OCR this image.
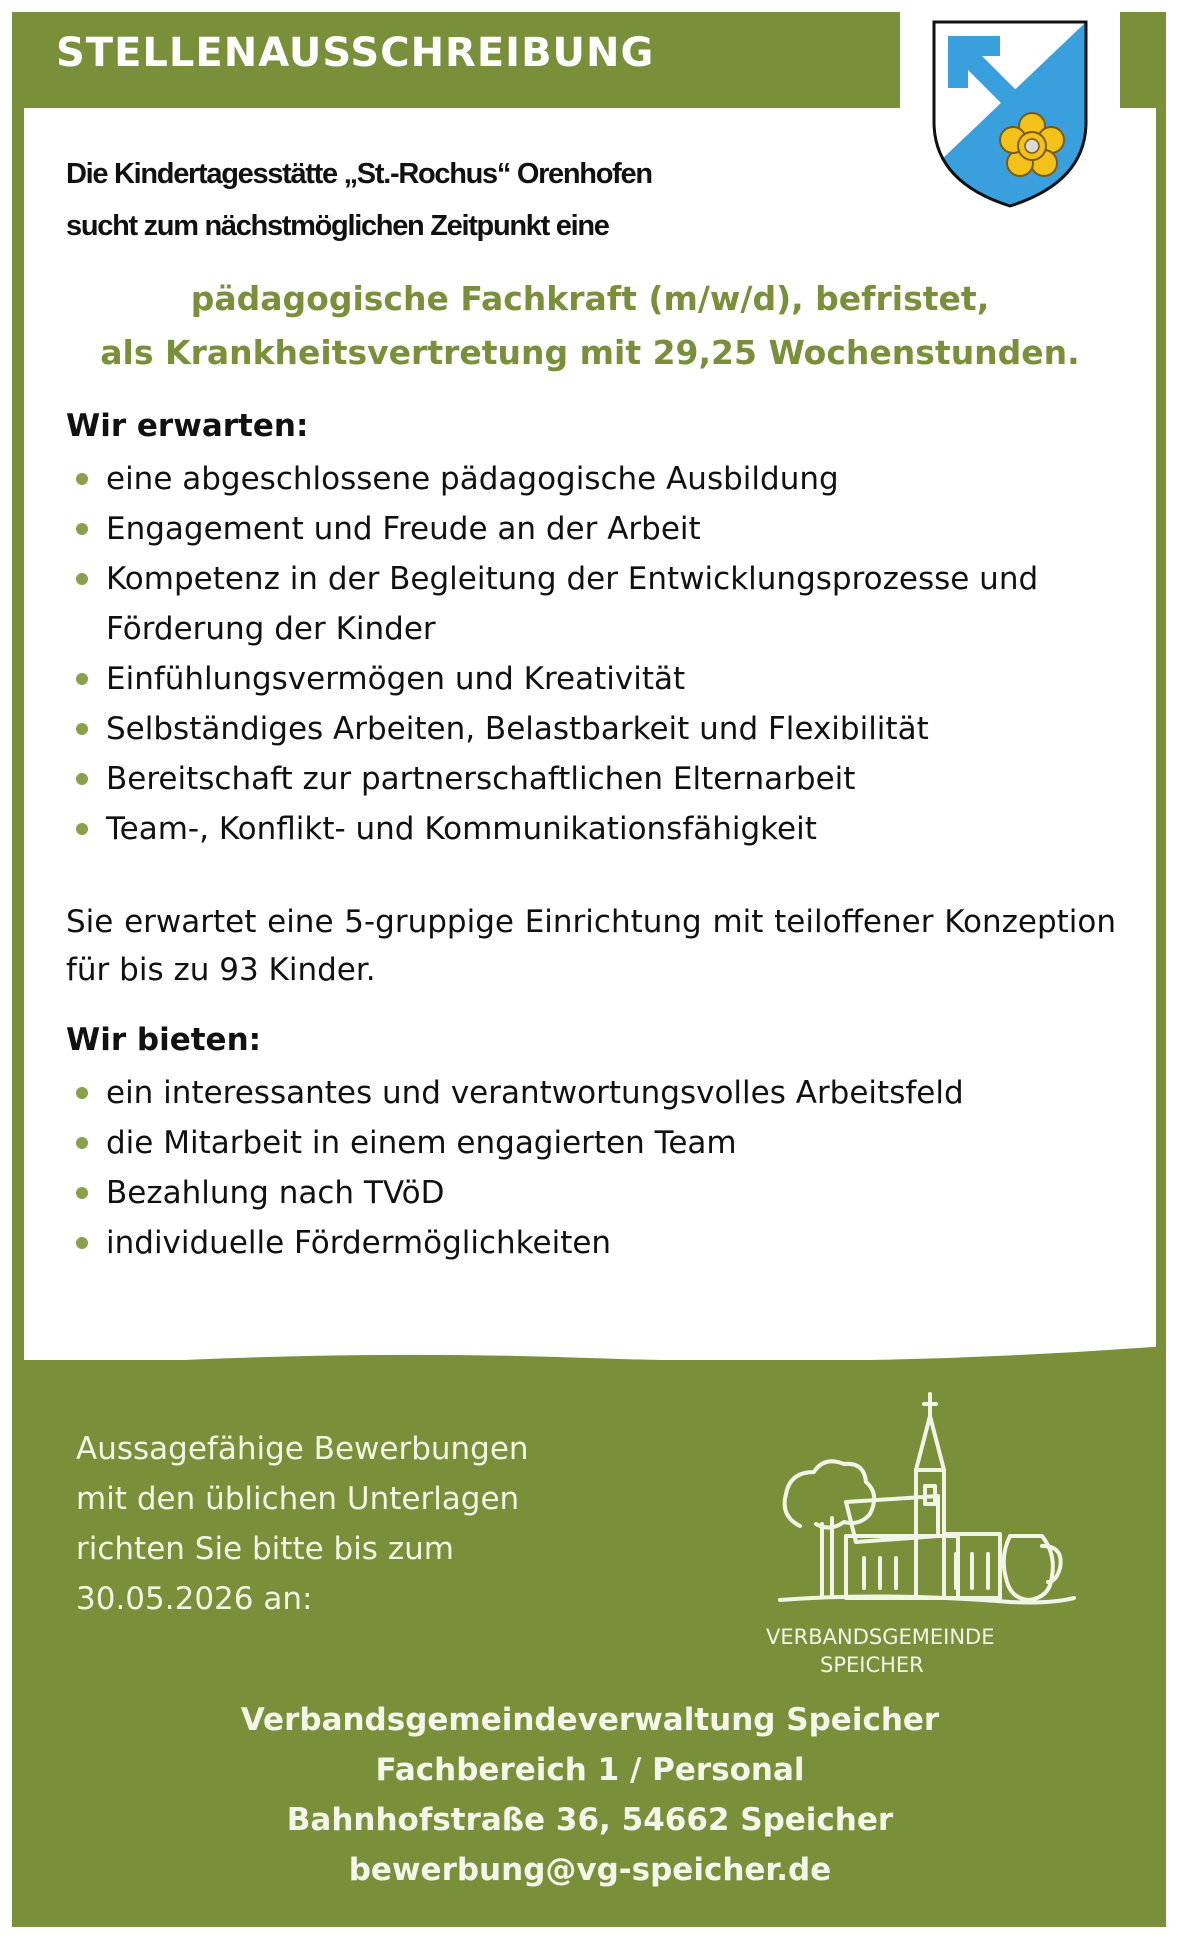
STELLENAUSSCHREIBUNG
Die Kindertagesstätte „St.-Rochus“ Orenhofen
sucht zum nächstmöglichen Zeitpunkt eine
pädagogische Fachkraft (m/w/d), befristet,
als Krankheitsvertretung mit 29,25 Wochenstunden.
Wir erwarten:
eine abgeschlossene pädagogische Ausbildung
Engagement und Freude an der Arbeit
Kompetenz in der Begleitung der Entwicklungsprozesse und Förderung der Kinder
Einfühlungsvermögen und Kreativität
Selbständiges Arbeiten, Belastbarkeit und Flexibilität
Bereitschaft zur partnerschaftlichen Elternarbeit
Team-, Konflikt- und Kommunikationsfähigkeit
Sie erwartet eine 5-gruppige Einrichtung mit teiloffener Konzeption für bis zu 93 Kinder.
Wir bieten:
ein interessantes und verantwortungsvolles Arbeitsfeld
die Mitarbeit in einem engagierten Team
Bezahlung nach TVöD
individuelle Fördermöglichkeiten
Aussagefähige Bewerbungen
mit den üblichen Unterlagen
richten Sie bitte bis zum
30.05.2026 an:
VERBANDSGEMEINDE
SPEICHER
Verbandsgemeindeverwaltung Speicher
Fachbereich 1 / Personal
Bahnhofstraße 36, 54662 Speicher
bewerbung@vg-speicher.de
